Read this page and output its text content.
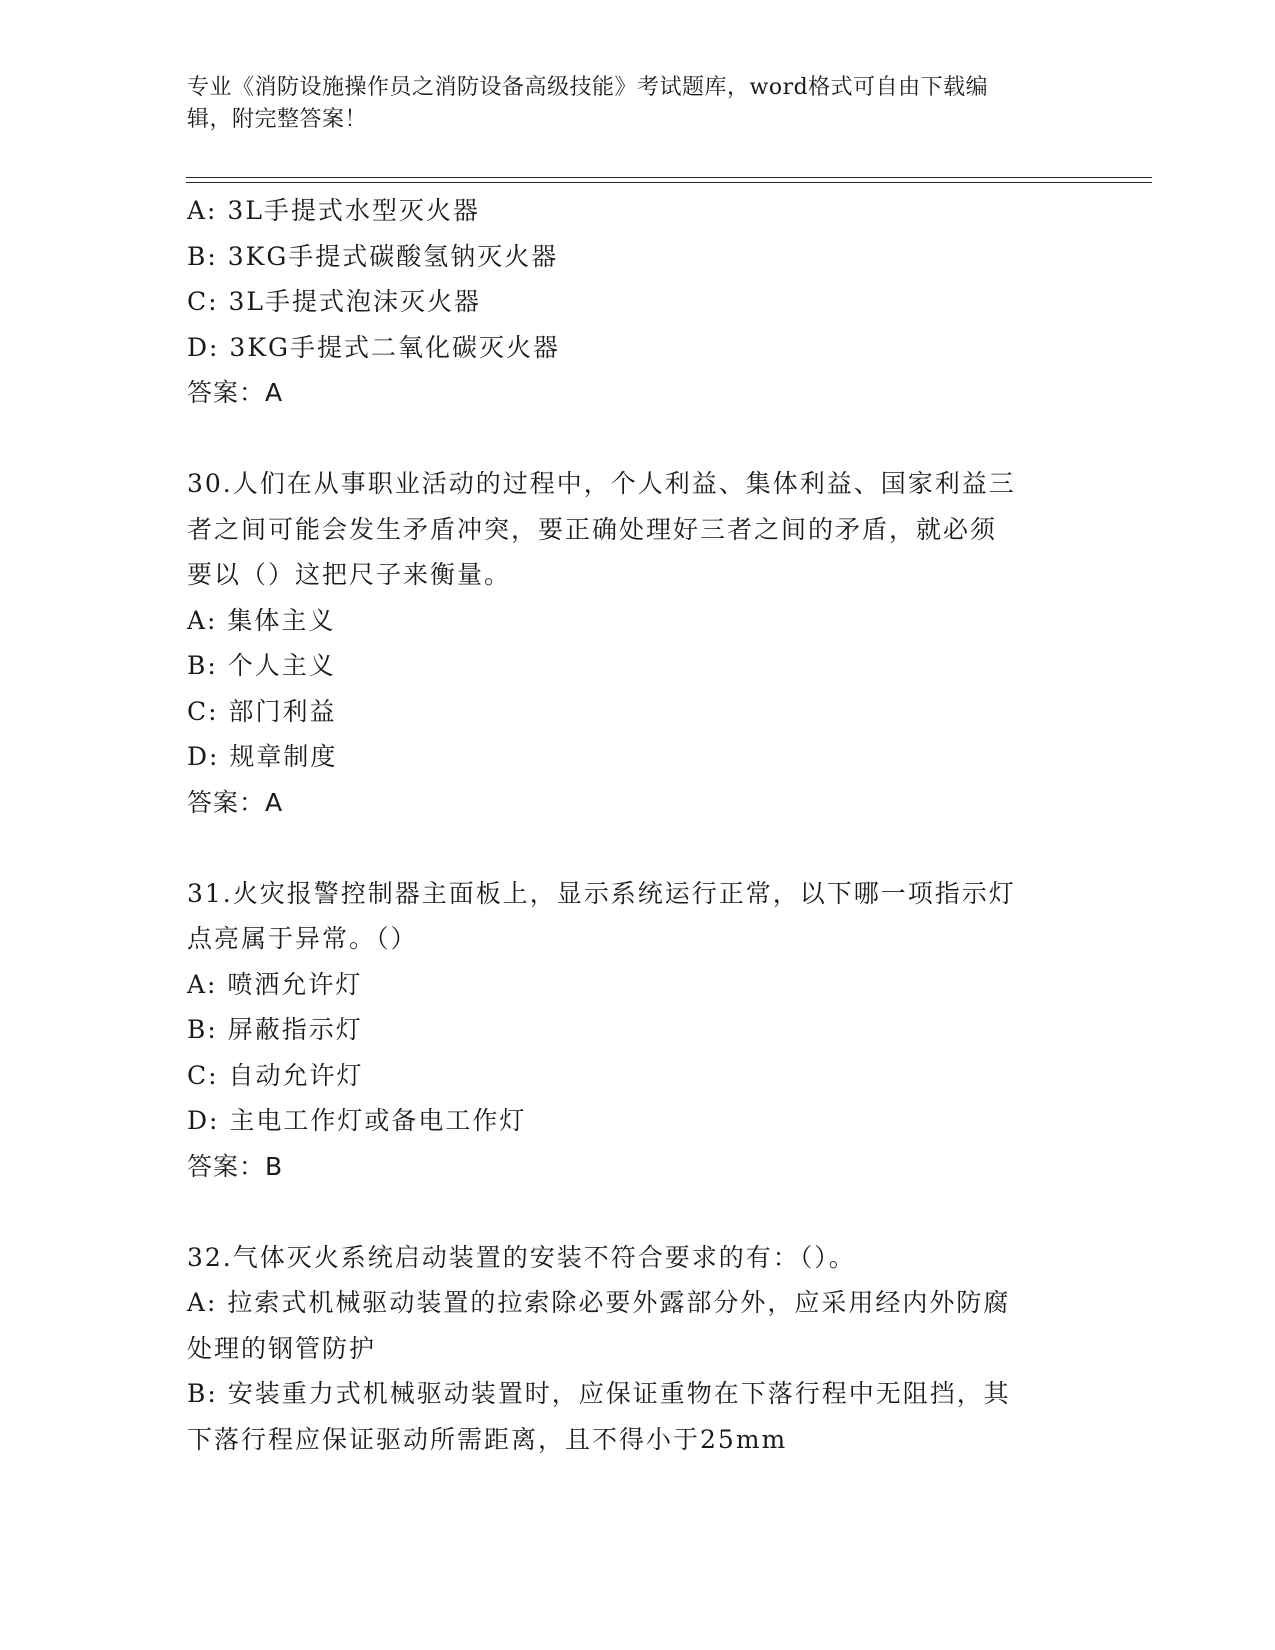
专业《消防设施操作员之消防设备高级技能》考试题库，word格式可自由下载编
辑，附完整答案！
A: 3L手提式水型灭火器
B: 3KG手提式碳酸氢钠灭火器
C: 3L手提式泡沫灭火器
D: 3KG手提式二氧化碳灭火器
答案：A
30.人们在从事职业活动的过程中，个人利益、集体利益、国家利益三
者之间可能会发生矛盾冲突，要正确处理好三者之间的矛盾，就必须
要以（）这把尺子来衡量。
A: 集体主义
B: 个人主义
C: 部门利益
D: 规章制度
答案：A
31.火灾报警控制器主面板上，显示系统运行正常，以下哪一项指示灯
点亮属于异常。（）
A: 喷洒允许灯
B: 屏蔽指示灯
C: 自动允许灯
D: 主电工作灯或备电工作灯
答案：B
32.气体灭火系统启动装置的安装不符合要求的有：（）。
A: 拉索式机械驱动装置的拉索除必要外露部分外，应采用经内外防腐
处理的钢管防护
B: 安装重力式机械驱动装置时，应保证重物在下落行程中无阻挡，其
下落行程应保证驱动所需距离，且不得小于25mm
